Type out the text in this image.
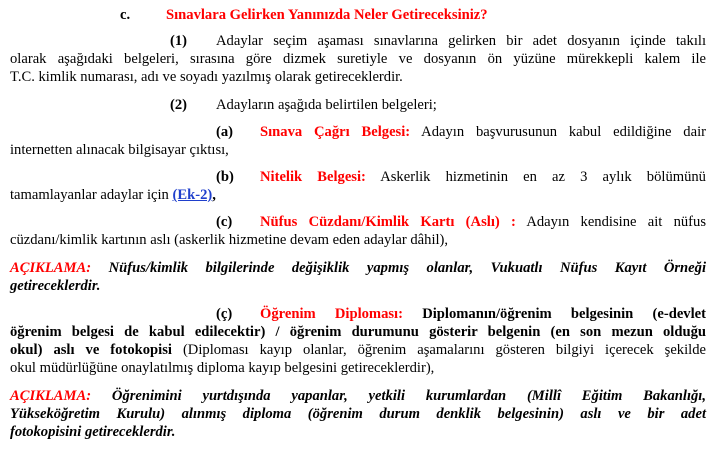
c. Sınavlara Gelirken Yanınızda Neler Getireceksiniz?
(1) Adaylar seçim aşaması sınavlarına gelirken bir adet dosyanın içinde takılı
olarak aşağıdaki belgeleri, sırasına göre dizmek suretiyle ve dosyanın ön yüzüne mürekkepli kalem ile
T.C. kimlik numarası, adı ve soyadı yazılmış olarak getireceklerdir.
(2) Adayların aşağıda belirtilen belgeleri;
(a) Sınava Çağrı Belgesi: Adayın başvurusunun kabul edildiğine dair
internetten alınacak bilgisayar çıktısı,
(b) Nitelik Belgesi: Askerlik hizmetinin en az 3 aylık bölümünü
tamamlayanlar adaylar için (Ek-2),
(c) Nüfus Cüzdanı/Kimlik Kartı (Aslı) : Adayın kendisine ait nüfus
cüzdanı/kimlik kartının aslı (askerlik hizmetine devam eden adaylar dâhil),
AÇIKLAMA: Nüfus/kimlik bilgilerinde değişiklik yapmış olanlar, Vukuatlı Nüfus Kayıt Örneği
getireceklerdir.
(ç) Öğrenim Diploması: Diplomanın/öğrenim belgesinin (e-devlet
öğrenim belgesi de kabul edilecektir) / öğrenim durumunu gösterir belgenin (en son mezun olduğu
okul) aslı ve fotokopisi (Diploması kayıp olanlar, öğrenim aşamalarını gösteren bilgiyi içerecek şekilde
okul müdürlüğüne onaylatılmış diploma kayıp belgesini getireceklerdir),
AÇIKLAMA: Öğrenimini yurtdışında yapanlar, yetkili kurumlardan (Millî Eğitim Bakanlığı,
Yükseköğretim Kurulu) alınmış diploma (öğrenim durum denklik belgesinin) aslı ve bir adet
fotokopisini getireceklerdir.
